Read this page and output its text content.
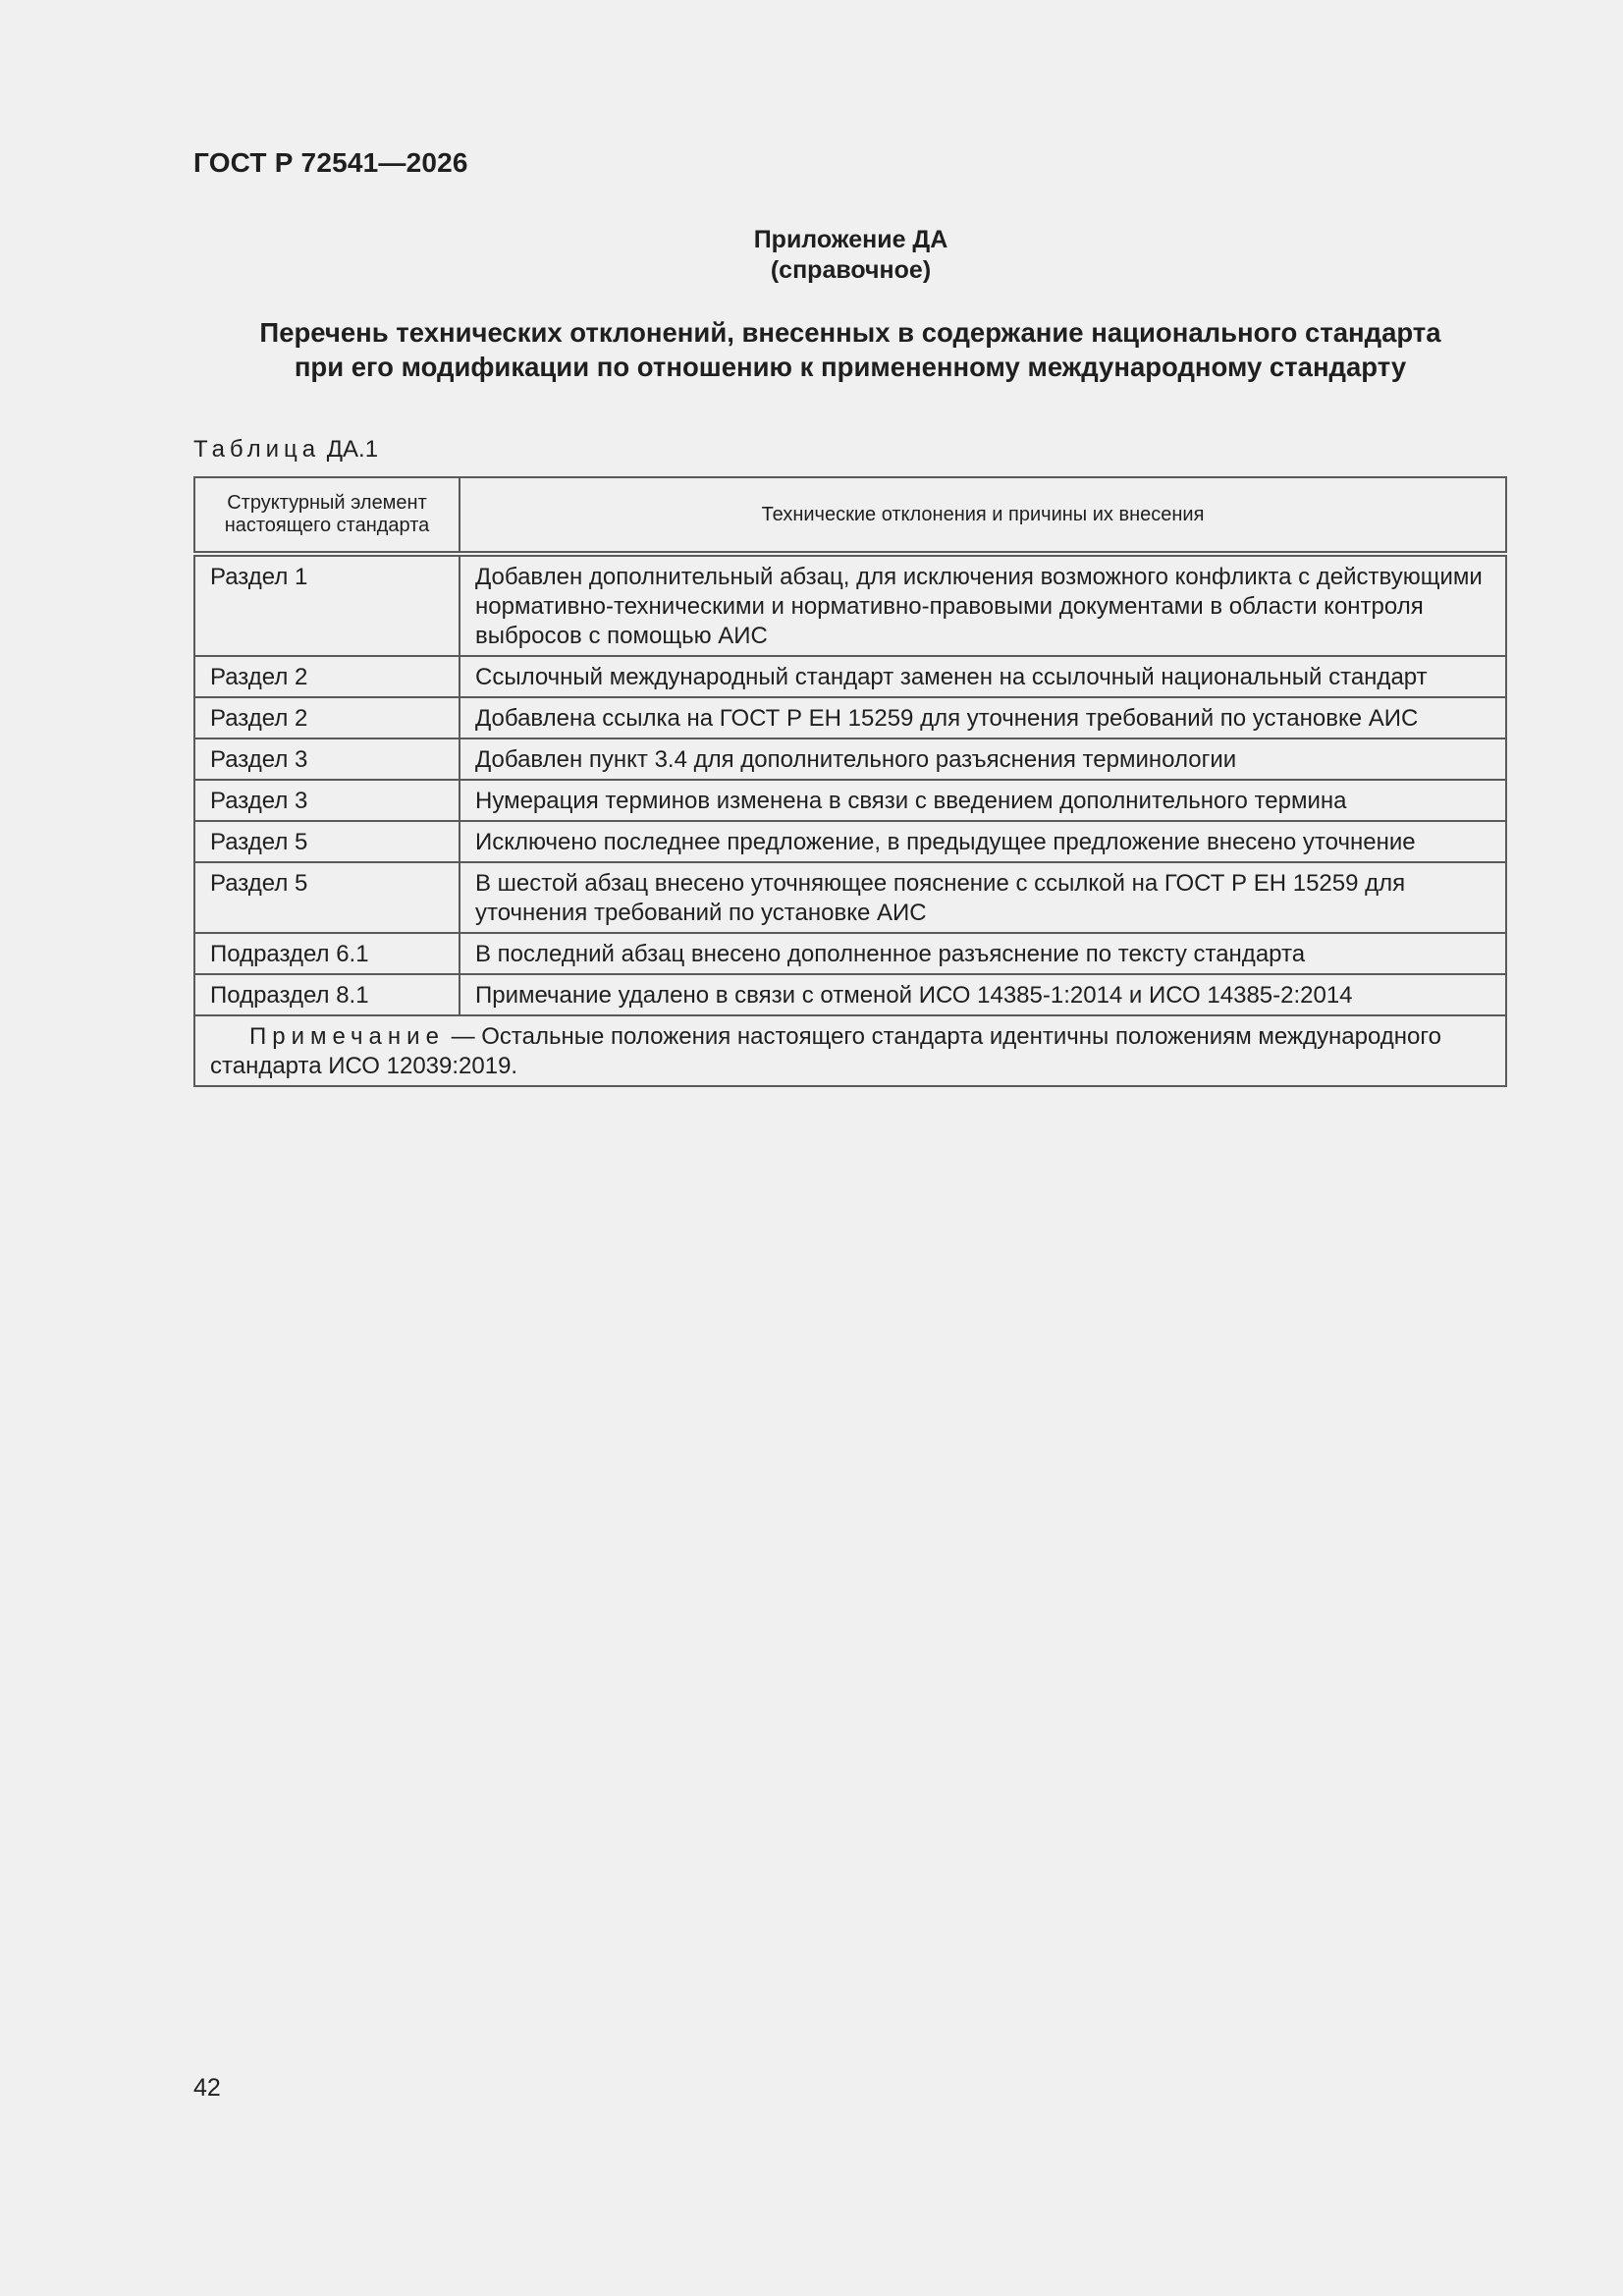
ГОСТ Р 72541—2026
Приложение ДА
(справочное)
Перечень технических отклонений, внесенных в содержание национального стандарта
при его модификации по отношению к примененному международному стандарту
Таблица ДА.1
Структурный элемент настоящего стандарта	Технические отклонения и причины их внесения
Раздел 1	Добавлен дополнительный абзац, для исключения возможного конфликта с действующими нормативно-техническими и нормативно-правовыми документами в области контроля выбросов с помощью АИС
Раздел 2	Ссылочный международный стандарт заменен на ссылочный национальный стандарт
Раздел 2	Добавлена ссылка на ГОСТ Р ЕН 15259 для уточнения требований по установке АИС
Раздел 3	Добавлен пункт 3.4 для дополнительного разъяснения терминологии
Раздел 3	Нумерация терминов изменена в связи с введением дополнительного термина
Раздел 5	Исключено последнее предложение, в предыдущее предложение внесено уточнение
Раздел 5	В шестой абзац внесено уточняющее пояснение с ссылкой на ГОСТ Р ЕН 15259 для уточнения требований по установке АИС
Подраздел 6.1	В последний абзац внесено дополненное разъяснение по тексту стандарта
Подраздел 8.1	Примечание удалено в связи с отменой ИСО 14385-1:2014 и ИСО 14385-2:2014
Примечание — Остальные положения настоящего стандарта идентичны положениям международного стандарта ИСО 12039:2019.	
42
